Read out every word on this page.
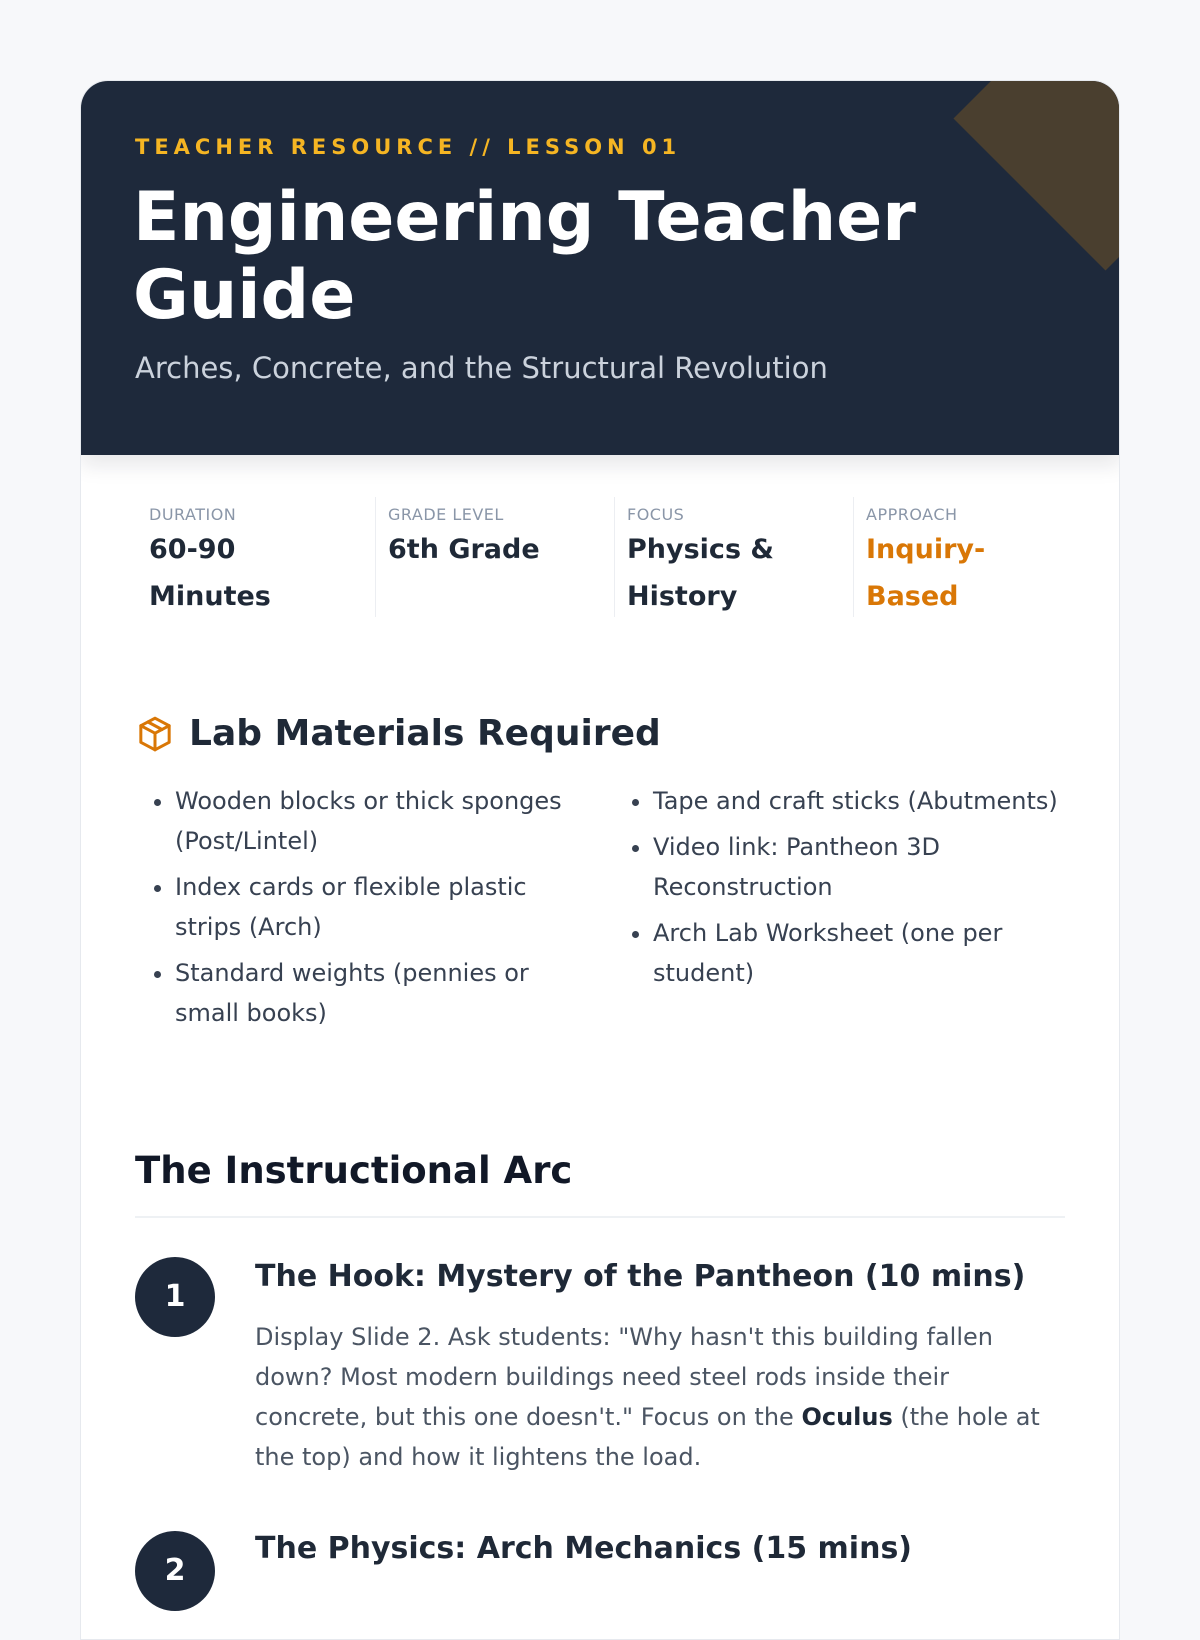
TEACHER RESOURCE // LESSON 01
Engineering Teacher Guide
Arches, Concrete, and the Structural Revolution
DURATION
60-90 Minutes
GRADE LEVEL
6th Grade
FOCUS
Physics & History
APPROACH
Inquiry-Based
Lab Materials Required
• Wooden blocks or thick sponges (Post/Lintel)
• Index cards or flexible plastic strips (Arch)
• Standard weights (pennies or small books)
• Tape and craft sticks (Abutments)
• Video link: Pantheon 3D Reconstruction
• Arch Lab Worksheet (one per student)
The Instructional Arc
1
The Hook: Mystery of the Pantheon (10 mins)

Display Slide 2. Ask students: "Why hasn't this building fallen down? Most modern buildings need steel rods inside their concrete, but this one doesn't." Focus on the Oculus (the hole at the top) and how it lightens the load.

2
The Physics: Arch Mechanics (15 mins)
